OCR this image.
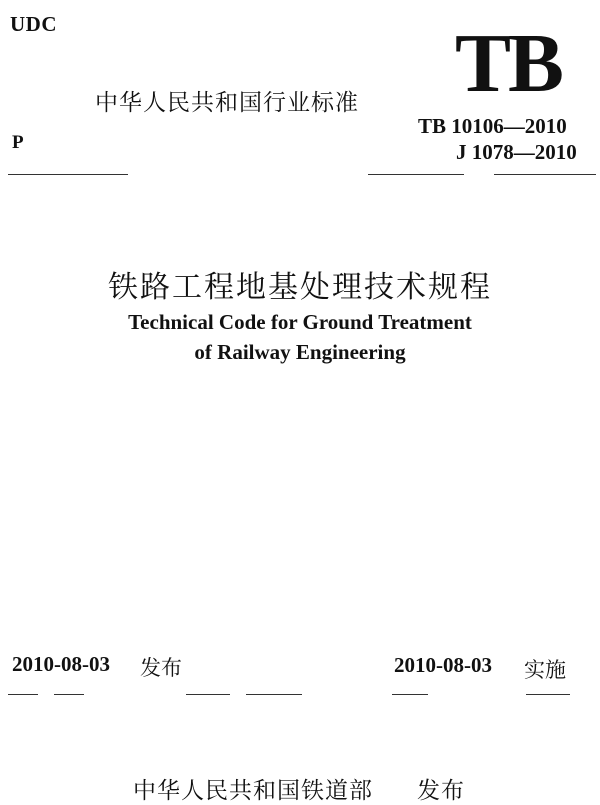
UDC	TB
中华人民共和国行业标准
P
TB 10106—2010
J 1078—2010
铁路工程地基处理技术规程
Technical Code for Ground Treatment
of Railway Engineering
2010-08-03 发布	2010-08-03 实施
中华人民共和国铁道部 发布
